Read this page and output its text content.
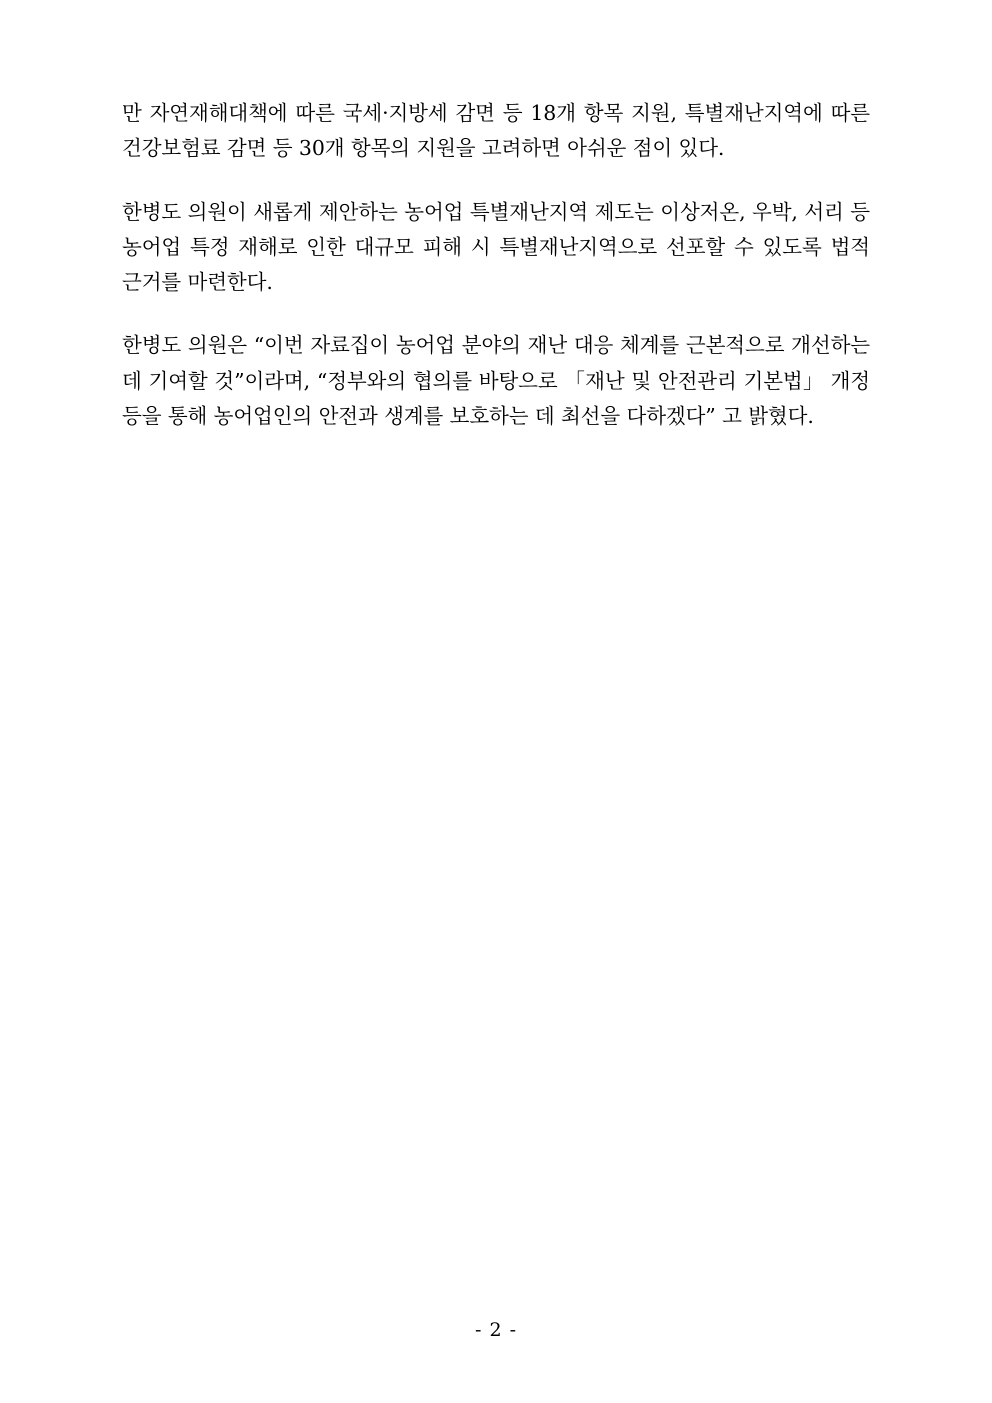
만 자연재해대책에 따른 국세·지방세 감면 등 18개 항목 지원, 특별재난지역에 따른 건강보험료 감면 등 30개 항목의 지원을 고려하면 아쉬운 점이 있다.

한병도 의원이 새롭게 제안하는 농어업 특별재난지역 제도는 이상저온, 우박, 서리 등 농어업 특정 재해로 인한 대규모 피해 시 특별재난지역으로 선포할 수 있도록 법적 근거를 마련한다.

한병도 의원은 “이번 자료집이 농어업 분야의 재난 대응 체계를 근본적으로 개선하는 데 기여할 것”이라며, “정부와의 협의를 바탕으로 「재난 및 안전관리 기본법」 개정 등을 통해 농어업인의 안전과 생계를 보호하는 데 최선을 다하겠다” 고 밝혔다.

- 2 -
